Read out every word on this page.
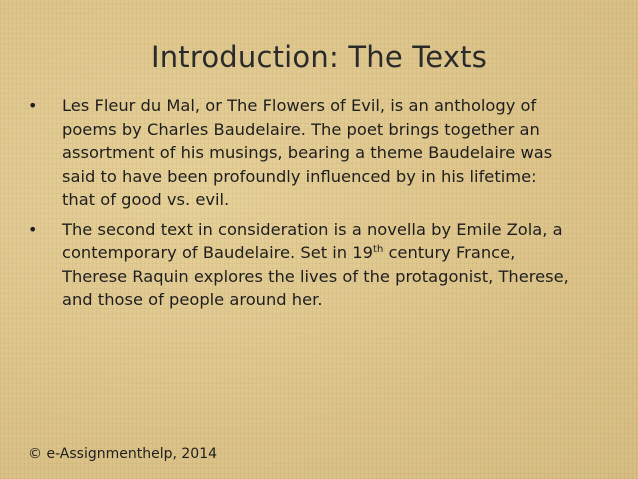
Introduction: The Texts
•	Les Fleur du Mal, or The Flowers of Evil, is an anthology of
poems by Charles Baudelaire. The poet brings together an
assortment of his musings, bearing a theme Baudelaire was
said to have been profoundly influenced by in his lifetime:
that of good vs. evil.
•	The second text in consideration is a novella by Emile Zola, a
contemporary of Baudelaire. Set in 19th century France,
Therese Raquin explores the lives of the protagonist, Therese,
and those of people around her.
© e-Assignmenthelp, 2014
